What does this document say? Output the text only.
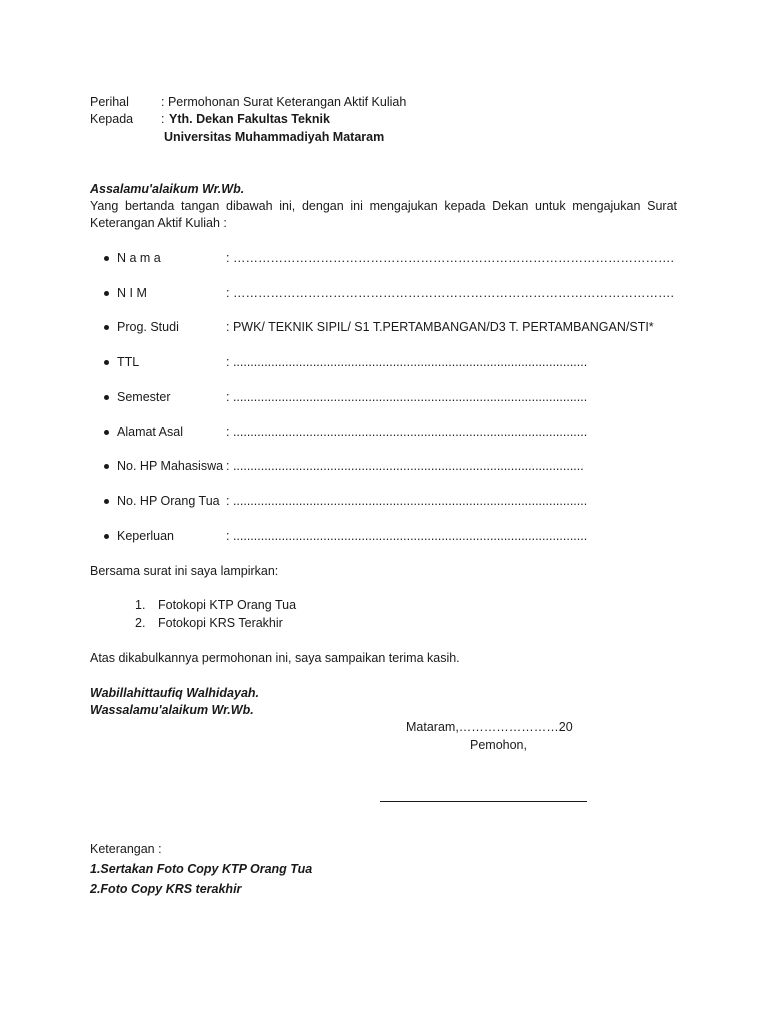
Perihal	: Permohonan Surat Keterangan Aktif Kuliah
Kepada : Yth. Dekan Fakultas Teknik
Universitas Muhammadiyah Mataram
Assalamu'alaikum Wr.Wb.
Yang bertanda tangan dibawah ini, dengan ini mengajukan kepada Dekan untuk mengajukan Surat Keterangan Aktif Kuliah :
N a m a	: …………………………………………………………………………………………….
N I M	: …………………………………………………………………………………………….
Prog. Studi	: PWK/ TEKNIK SIPIL/ S1 T.PERTAMBANGAN/D3 T. PERTAMBANGAN/STI*
TTL	: ......................................................................................................
Semester	: ......................................................................................................
Alamat Asal	: ......................................................................................................
No. HP Mahasiswa : .....................................................................................................
No. HP Orang Tua : ......................................................................................................
Keperluan	: ......................................................................................................
Bersama surat ini saya lampirkan:
1. Fotokopi KTP Orang Tua
2. Fotokopi KRS Terakhir
Atas dikabulkannya permohonan ini, saya sampaikan terima kasih.
Wabillahittaufiq Walhidayah.
Wassalamu'alaikum Wr.Wb.
Mataram,……………………20
Pemohon,
Keterangan :
1.Sertakan Foto Copy KTP Orang Tua
2.Foto Copy KRS terakhir
